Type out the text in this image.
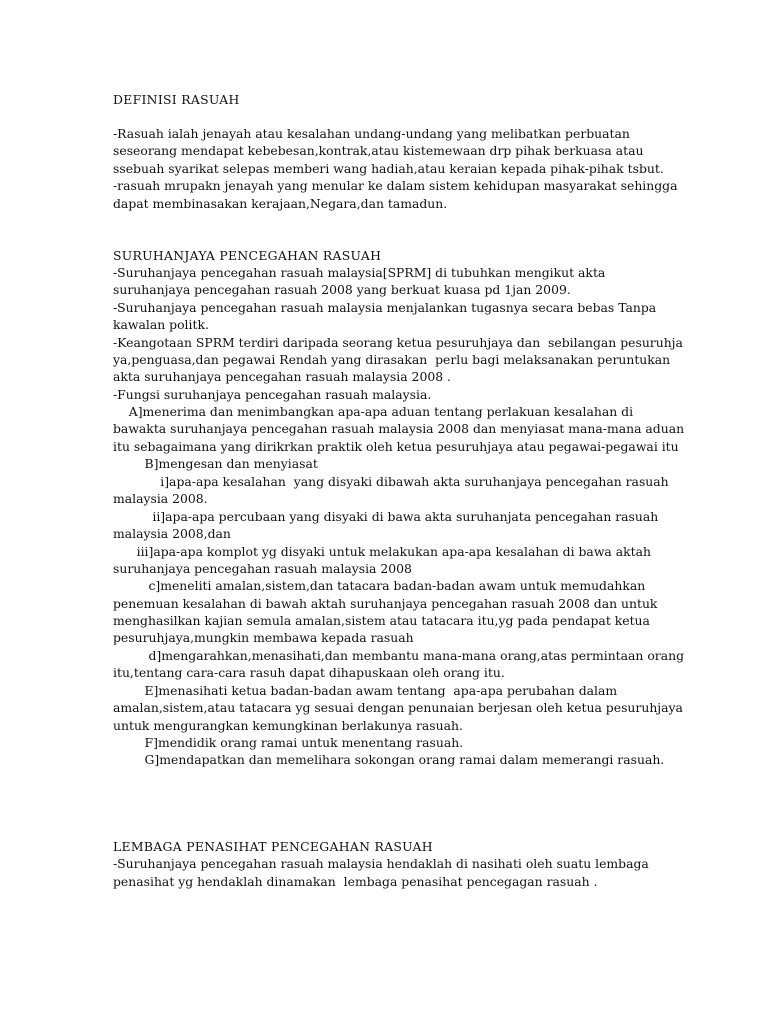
DEFINISI RASUAH
-Rasuah ialah jenayah atau kesalahan undang-undang yang melibatkan perbuatan
seseorang mendapat kebebesan,kontrak,atau kistemewaan drp pihak berkuasa atau
ssebuah syarikat selepas memberi wang hadiah,atau keraian kepada pihak-pihak tsbut.
-rasuah mrupakn jenayah yang menular ke dalam sistem kehidupan masyarakat sehingga
dapat membinasakan kerajaan,Negara,dan tamadun.
SURUHANJAYA PENCEGAHAN RASUAH
-Suruhanjaya pencegahan rasuah malaysia[SPRM] di tubuhkan mengikut akta
suruhanjaya pencegahan rasuah 2008 yang berkuat kuasa pd 1jan 2009.
-Suruhanjaya pencegahan rasuah malaysia menjalankan tugasnya secara bebas Tanpa
kawalan politk.
-Keangotaan SPRM terdiri daripada seorang ketua pesuruhjaya dan  sebilangan pesuruhja
ya,penguasa,dan pegawai Rendah yang dirasakan  perlu bagi melaksanakan peruntukan
akta suruhanjaya pencegahan rasuah malaysia 2008 .
-Fungsi suruhanjaya pencegahan rasuah malaysia.
A]menerima dan menimbangkan apa-apa aduan tentang perlakuan kesalahan di
bawakta suruhanjaya pencegahan rasuah malaysia 2008 dan menyiasat mana-mana aduan
itu sebagaimana yang dirikrkan praktik oleh ketua pesuruhjaya atau pegawai-pegawai itu
B]mengesan dan menyiasat
i]apa-apa kesalahan  yang disyaki dibawah akta suruhanjaya pencegahan rasuah
malaysia 2008.
ii]apa-apa percubaan yang disyaki di bawa akta suruhanjata pencegahan rasuah
malaysia 2008,dan
iii]apa-apa komplot yg disyaki untuk melakukan apa-apa kesalahan di bawa aktah
suruhanjaya pencegahan rasuah malaysia 2008
c]meneliti amalan,sistem,dan tatacara badan-badan awam untuk memudahkan
penemuan kesalahan di bawah aktah suruhanjaya pencegahan rasuah 2008 dan untuk
menghasilkan kajian semula amalan,sistem atau tatacara itu,yg pada pendapat ketua
pesuruhjaya,mungkin membawa kepada rasuah
d]mengarahkan,menasihati,dan membantu mana-mana orang,atas permintaan orang
itu,tentang cara-cara rasuh dapat dihapuskaan oleh orang itu.
E]menasihati ketua badan-badan awam tentang  apa-apa perubahan dalam
amalan,sistem,atau tatacara yg sesuai dengan penunaian berjesan oleh ketua pesuruhjaya
untuk mengurangkan kemungkinan berlakunya rasuah.
F]mendidik orang ramai untuk menentang rasuah.
G]mendapatkan dan memelihara sokongan orang ramai dalam memerangi rasuah.
LEMBAGA PENASIHAT PENCEGAHAN RASUAH
-Suruhanjaya pencegahan rasuah malaysia hendaklah di nasihati oleh suatu lembaga
penasihat yg hendaklah dinamakan  lembaga penasihat pencegagan rasuah .
